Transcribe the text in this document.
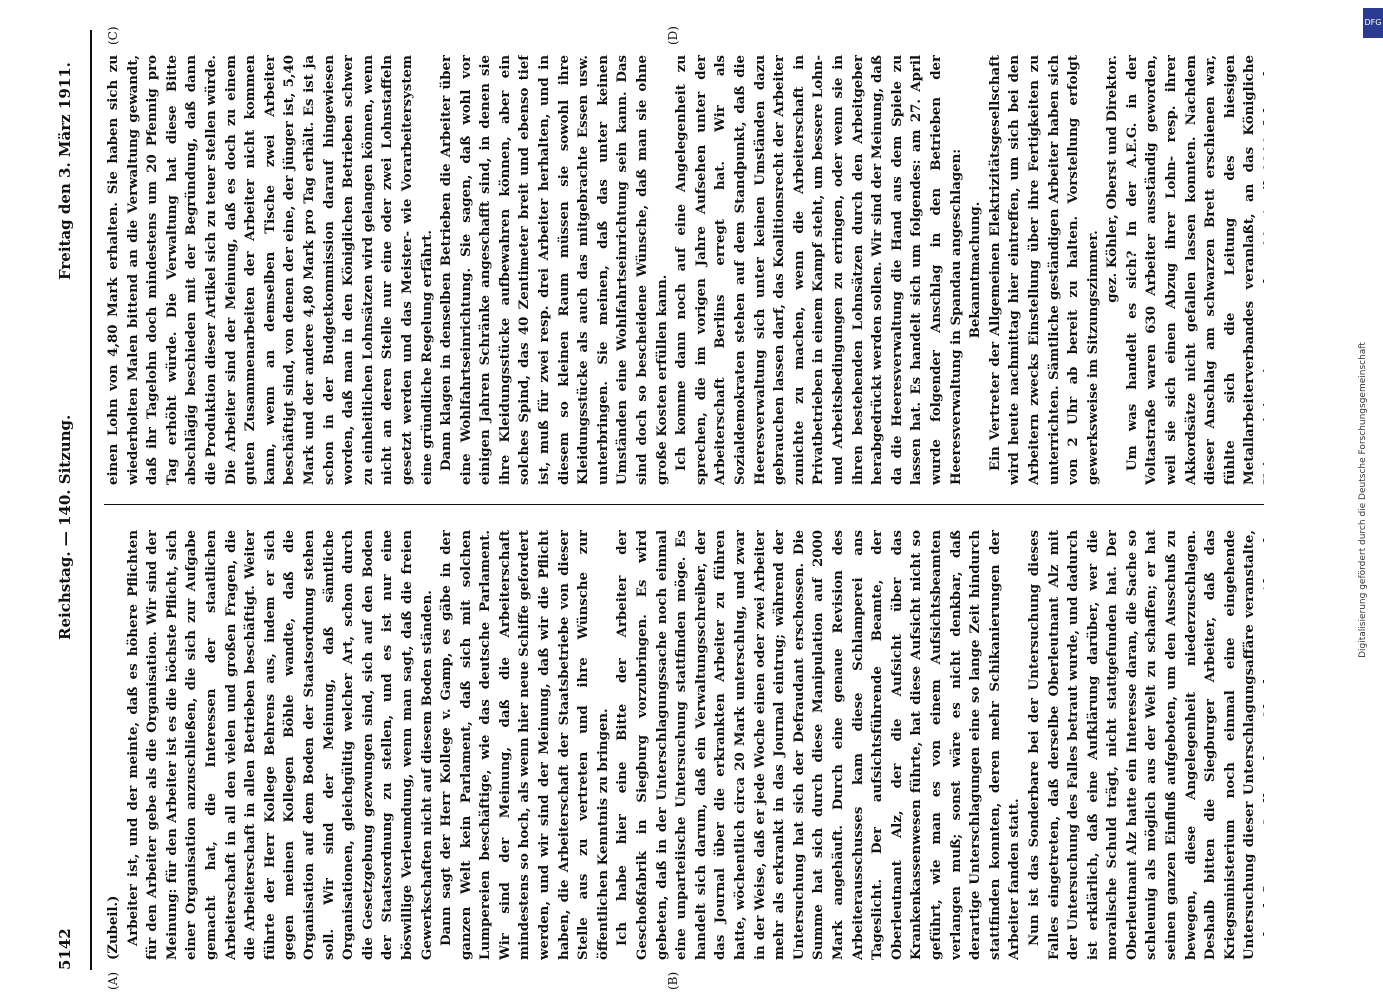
5142
Reichstag. — 140. Sitzung.
Freitag den 3. März 1911.
(A)	(B)
(C)	(D)

(Zubeil.) Arbeiter ist, und der meinte, daß es höhere Pflichten für den Arbeiter gebe als die Organisation. Wir sind der Meinung: für den Arbeiter ist es die höchste Pflicht, sich einer Organisation anzuschließen, die sich zur Aufgabe gemacht hat, die Interessen der staatlichen Arbeiterschaft in all den vielen und großen Fragen, die die Arbeiterschaft in allen Betrieben beschäftigt. Weiter führte der Herr Kollege Behrens aus, indem er sich gegen meinen Kollegen Böhle wandte, daß die Organisation auf dem Boden der Staatsordnung stehen soll. Wir sind der Meinung, daß sämtliche Organisationen, gleichgültig welcher Art, schon durch die Gesetzgebung gezwungen sind, sich auf den Boden der Staatsordnung zu stellen, und es ist nur eine böswillige Verleumdung, wenn man sagt, daß die freien Gewerkschaften nicht auf diesem Boden ständen. Dann sagt der Herr Kollege v. Gamp, es gäbe in der ganzen Welt kein Parlament, daß sich mit solchen Lumpereien beschäftige, wie das deutsche Parlament. Wir sind der Meinung, daß die Arbeiterschaft mindestens so hoch, als wenn hier neue Schiffe gefordert werden, und wir sind der Meinung, daß wir die Pflicht haben, die Arbeiterschaft der Staatsbetriebe von dieser Stelle aus zu vertreten und ihre Wünsche zur öffentlichen Kenntnis zu bringen. Ich habe hier eine Bitte der Arbeiter der Geschoßfabrik in Siegburg vorzubringen. Es wird gebeten, daß in der Unterschlagungssache noch einmal eine unparteiische Untersuchung stattfinden möge. Es handelt sich darum, daß ein Verwaltungsschreiber, der das Journal über die erkrankten Arbeiter zu führen hatte, wöchentlich circa 20 Mark unterschlug, und zwar in der Weise, daß er jede Woche einen oder zwei Arbeiter mehr als erkrankt in das Journal eintrug; während der Untersuchung hat sich der Defraudant erschossen. Die Summe hat sich durch diese Manipulation auf 2000 Mark angehäuft. Durch eine genaue Revision des Arbeiterausschusses kam diese Schlamperei ans Tageslicht. Der aufsichtsführende Beamte, der Oberleutnant Alz, der die Aufsicht über das Krankenkassenwesen führte, hat diese Aufsicht nicht so geführt, wie man es von einem Aufsichtsbeamten verlangen muß; sonst wäre es nicht denkbar, daß derartige Unterschlagungen eine so lange Zeit hindurch stattfinden konnten, deren mehr Schikanierungen der Arbeiter fanden statt. Nun ist das Sonderbare bei der Untersuchung dieses Falles eingetreten, daß derselbe Oberleutnant Alz mit der Untersuchung des Falles betraut wurde, und dadurch ist erklärlich, daß eine Aufklärung darüber, wer die moralische Schuld trägt, nicht stattgefunden hat. Der Oberleutnant Alz hatte ein Interesse daran, die Sache so schleunig als möglich aus der Welt zu schaffen; er hat seinen ganzen Einfluß aufgeboten, um den Ausschuß zu bewegen, diese Angelegenheit niederzuschlagen. Deshalb bitten die Siegburger Arbeiter, daß das Kriegsministerium noch einmal eine eingehende Untersuchung dieser Unterschlagungsaffäre veranstalte,

einen Lohn von 4,80 Mark erhalten. Sie haben sich zu wiederholten Malen bittend an die Verwaltung gewandt, daß ihr Tagelohn doch mindestens um 20 Pfennig pro Tag erhöht würde. Die Verwaltung hat diese Bitte abschlägig beschieden mit der Begründung, daß dann die Produktion dieser Artikel sich zu teuer stellen würde. Die Arbeiter sind der Meinung, daß es doch zu einem guten Zusammenarbeiten der Arbeiter nicht kommen kann, wenn an demselben Tische zwei Arbeiter beschäftigt sind, von denen der eine, der jünger ist, 5,40 Mark und der andere 4,80 Mark pro Tag erhält. Es ist ja schon in der Budgetkommission darauf hingewiesen worden, daß man in den Königlichen Betrieben schwer zu einheitlichen Lohnsätzen wird gelangen können, wenn nicht an deren Stelle nur eine oder zwei Lohnstaffeln gesetzt werden und das Meister- wie Vorarbeitersystem eine gründliche Regelung erfährt. Dann klagen in denselben Betrieben die Arbeiter über eine Wohlfahrtseinrichtung. Sie sagen, daß wohl vor einigen Jahren Schränke angeschafft sind, in denen sie ihre Kleidungsstücke aufbewahren können, aber ein solches Spind, das 40 Zentimeter breit und ebenso tief ist, muß für zwei resp. drei Arbeiter herhalten, und in diesem so kleinen Raum müssen sie sowohl ihre Kleidungsstücke als auch das mitgebrachte Essen usw. unterbringen. Sie meinen, daß das unter keinen Umständen eine Wohlfahrtseinrichtung sein kann. Das sind doch so bescheidene Wünsche, daß man sie ohne große Kosten erfüllen kann. Ich komme dann noch auf eine Angelegenheit zu sprechen, die im vorigen Jahre Aufsehen unter der Arbeiterschaft Berlins erregt hat. Wir als Sozialdemokraten stehen auf dem Standpunkt, daß die Heeresverwaltung sich unter keinen Umständen dazu gebrauchen lassen darf, das Koalitionsrecht der Arbeiter zunichte zu machen, wenn die Arbeiterschaft in Privatbetrieben in einem Kampf steht, um bessere Lohn- und Arbeitsbedingungen zu erringen, oder wenn sie in ihren bestehenden Lohnsätzen durch den Arbeitgeber herabgedrückt werden sollen. Wir sind der Meinung, daß da die Heeresverwaltung die Hand aus dem Spiele zu lassen hat. Es handelt sich um folgendes: am 27. April wurde folgender Anschlag in den Betrieben der Heeresverwaltung in Spandau angeschlagen: Bekanntmachung. Ein Vertreter der Allgemeinen Elektrizitätsgesellschaft wird heute nachmittag hier eintreffen, um sich bei den Arbeitern zwecks Einstellung über ihre Fertigkeiten zu unterrichten. Sämtliche geständigen Arbeiter haben sich von 2 Uhr ab bereit zu halten. Vorstellung erfolgt gewerksweise im Sitzungszimmer.

gez. Köhler, Oberst und Direktor.

Um was handelt es sich? In der A.E.G. in der Voltastraße waren 630 Arbeiter ausständig geworden, weil sie sich einen Abzug ihrer Lohn- resp. ihrer Akkordsätze nicht gefallen lassen konnten. Nachdem dieser Anschlag am schwarzen Brett erschienen war, fühlte sich die Leitung des hiesigen Metallarbeiterverbandes veranlaßt, an das Königliche

DFG
Digitalisierung gefördert durch die Deutsche Forschungsgemeinschaft
